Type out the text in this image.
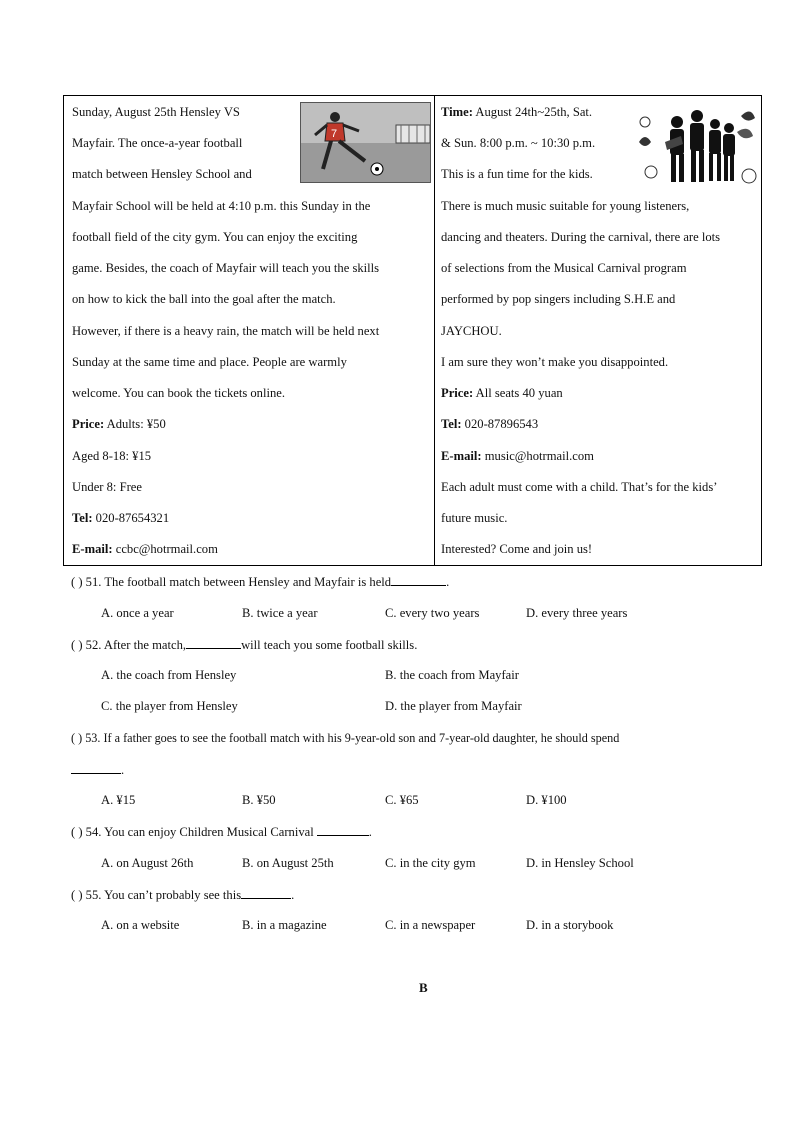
Sunday, August 25th Hensley VS
Mayfair. The once-a-year football
match between Hensley School and
Mayfair School will be held at 4:10 p.m. this Sunday in the
football field of the city gym. You can enjoy the exciting
game. Besides, the coach of Mayfair will teach you the skills
on how to kick the ball into the goal after the match.
However, if there is a heavy rain, the match will be held next
Sunday at the same time and place. People are warmly
welcome. You can book the tickets online.
Price: Adults: ¥50
Aged 8-18: ¥15
Under 8: Free
Tel: 020-87654321
E-mail: ccbc@hotrmail.com
7
Time: August 24th~25th, Sat.
& Sun. 8:00 p.m. ~ 10:30 p.m.
This is a fun time for the kids.
There is much music suitable for young listeners,
dancing and theaters. During the carnival, there are lots
of selections from the Musical Carnival program
performed by pop singers including S.H.E and
JAYCHOU.
I am sure they won’t make you disappointed.
Price: All seats 40 yuan
Tel: 020-87896543
E-mail: music@hotrmail.com
Each adult must come with a child. That’s for the kids’
future music.
Interested? Come and join us!
( ) 51. The football match between Hensley and Mayfair is held	.
A. once a year	B. twice a year	C. every two years	D. every three years
( ) 52. After the match,	will teach you some football skills.
A. the coach from Hensley	B. the coach from Mayfair
C. the player from Hensley	D. the player from Mayfair
( ) 53. If a father goes to see the football match with his 9-year-old son and 7-year-old daughter, he should spend
.
A. ¥15	B. ¥50	C. ¥65	D. ¥100
( ) 54. You can enjoy Children Musical Carnival	.
A. on August 26th	B. on August 25th	C. in the city gym	D. in Hensley School
( ) 55. You can’t probably see this	.
A. on a website	B. in a magazine	C. in a newspaper	D. in a storybook
B
